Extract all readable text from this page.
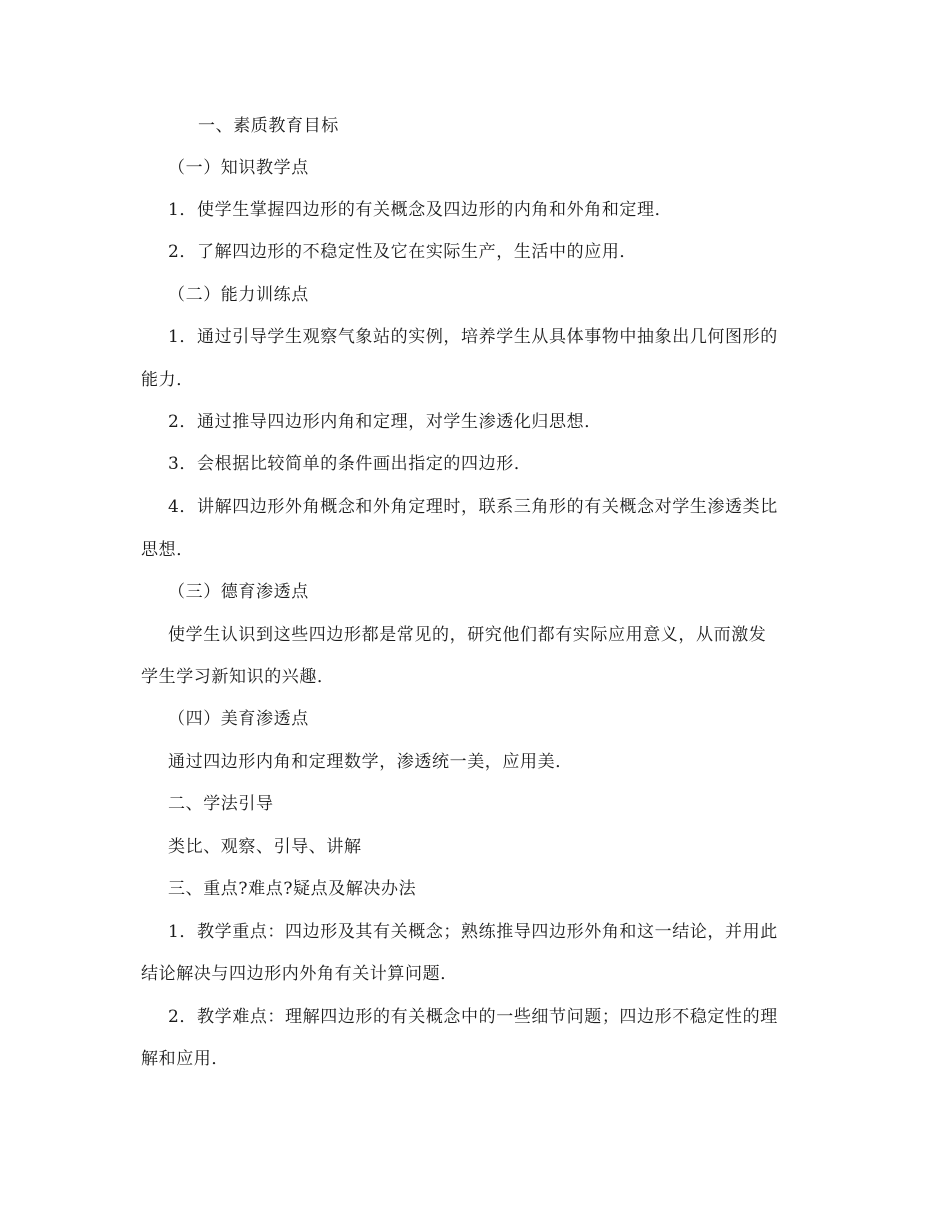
一、素质教育目标
（一）知识教学点
1．使学生掌握四边形的有关概念及四边形的内角和外角和定理．
2．了解四边形的不稳定性及它在实际生产，生活中的应用．
（二）能力训练点
1．通过引导学生观察气象站的实例，培养学生从具体事物中抽象出几何图形的
能力．
2．通过推导四边形内角和定理，对学生渗透化归思想．
3．会根据比较简单的条件画出指定的四边形．
4．讲解四边形外角概念和外角定理时，联系三角形的有关概念对学生渗透类比
思想．
（三）德育渗透点
使学生认识到这些四边形都是常见的，研究他们都有实际应用意义，从而激发
学生学习新知识的兴趣．
（四）美育渗透点
通过四边形内角和定理数学，渗透统一美，应用美．
二、学法引导
类比、观察、引导、讲解
三、重点?难点?疑点及解决办法
1．教学重点：四边形及其有关概念；熟练推导四边形外角和这一结论，并用此
结论解决与四边形内外角有关计算问题．
2．教学难点：理解四边形的有关概念中的一些细节问题；四边形不稳定性的理
解和应用．
